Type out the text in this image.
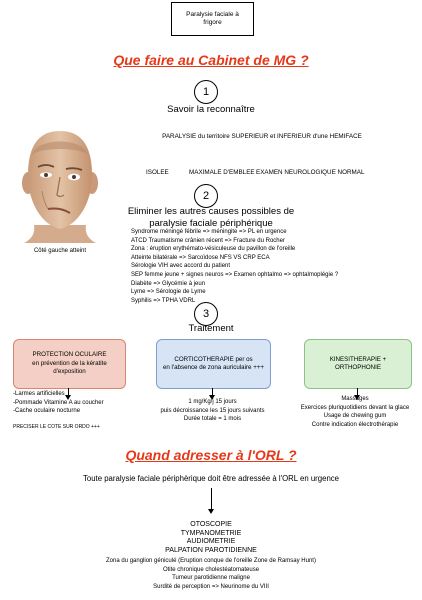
Paralysie faciale à
frigore
Que faire au Cabinet de MG ?
1
Savoir la reconnaître
PARALYSIE du territoire SUPERIEUR et INFERIEUR d'une HEMIFACE
ISOLEE	MAXIMALE D'EMBLEE EXAMEN NEUROLOGIQUE NORMAL
Côté gauche atteint
2
Eliminer les autres causes possibles de
paralysie faciale périphérique
Syndrome méningé fébrile => méningite => PL en urgence
ATCD Traumatisme crânien récent => Fracture du Rocher
Zona : éruption erythémato-vésiculeuse du pavillon de l'oreille
Atteinte bilatérale => Sarcoïdose NFS VS CRP ECA
Sérologie VIH avec accord du patient
SEP femme jeune + signes neuros => Examen ophtalmo => ophtalmoplégie ?
Diabète => Glycémie à jeun
Lyme => Sérologie de Lyme
Syphilis => TPHA VDRL
3
Traitement
PROTECTION OCULAIRE
en prévention de la kératite
d'exposition
CORTICOTHERAPIE per os
en l'absence de zona auriculaire +++
KINESITHERAPIE +
ORTHOPHONIE
-Larmes artificielles
-Pommade Vitamine A au coucher
-Cache oculaire nocturne
PRECISER LE COTE SUR ORDO +++
1 mg/Kg/j 15 jours
puis décroissance les 15 jours suivants
Durée totale = 1 mois
Massages
Exercices pluriquotidiens devant la glace
Usage de chewing gum
Contre indication électrothérapie
Quand adresser à l'ORL ?
Toute paralysie faciale périphèrique doit être adressée à l'ORL en urgence
OTOSCOPIE
TYMPANOMETRIE
AUDIOMETRIE
PALPATION PAROTIDIENNE
Zona du ganglion géniculé (Eruption conque de l'oreille Zone de Ramsay Hunt)
Otite chronique cholestéatomateuse
Tumeur parotidienne maligne
Surdité de perception => Neurinome du VIII
